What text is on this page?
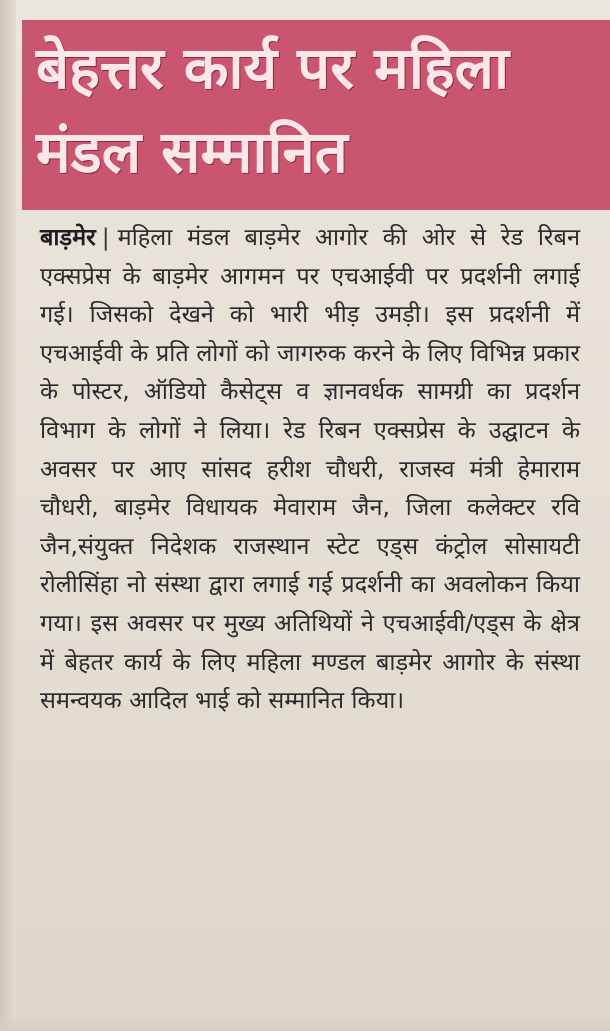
बेहत्तर कार्य पर महिला
मंडल सम्मानित
बाड़मेर | महिला मंडल बाड़मेर आगोर की ओर से रेड रिबन एक्सप्रेस के बाड़मेर आगमन पर एचआईवी पर प्रदर्शनी लगाई गई। जिसको देखने को भारी भीड़ उमड़ी। इस प्रदर्शनी में एचआईवी के प्रति लोगों को जागरुक करने के लिए विभिन्न प्रकार के पोस्टर, ऑडियो कैसेट्स व ज्ञानवर्धक सामग्री का प्रदर्शन विभाग के लोगों ने लिया। रेड रिबन एक्सप्रेस के उद्घाटन के अवसर पर आए सांसद हरीश चौधरी, राजस्व मंत्री हेमाराम चौधरी, बाड़मेर विधायक मेवाराम जैन, जिला कलेक्टर रवि जैन,संयुक्त निदेशक राजस्थान स्टेट एड्स कंट्रोल सोसायटी रोलीसिंहा नो संस्था द्वारा लगाई गई प्रदर्शनी का अवलोकन किया गया। इस अवसर पर मुख्य अतिथियों ने एचआईवी/एड्स के क्षेत्र में बेहतर कार्य के लिए महिला मण्डल बाड़मेर आगोर के संस्था समन्वयक आदिल भाई को सम्मानित किया।
